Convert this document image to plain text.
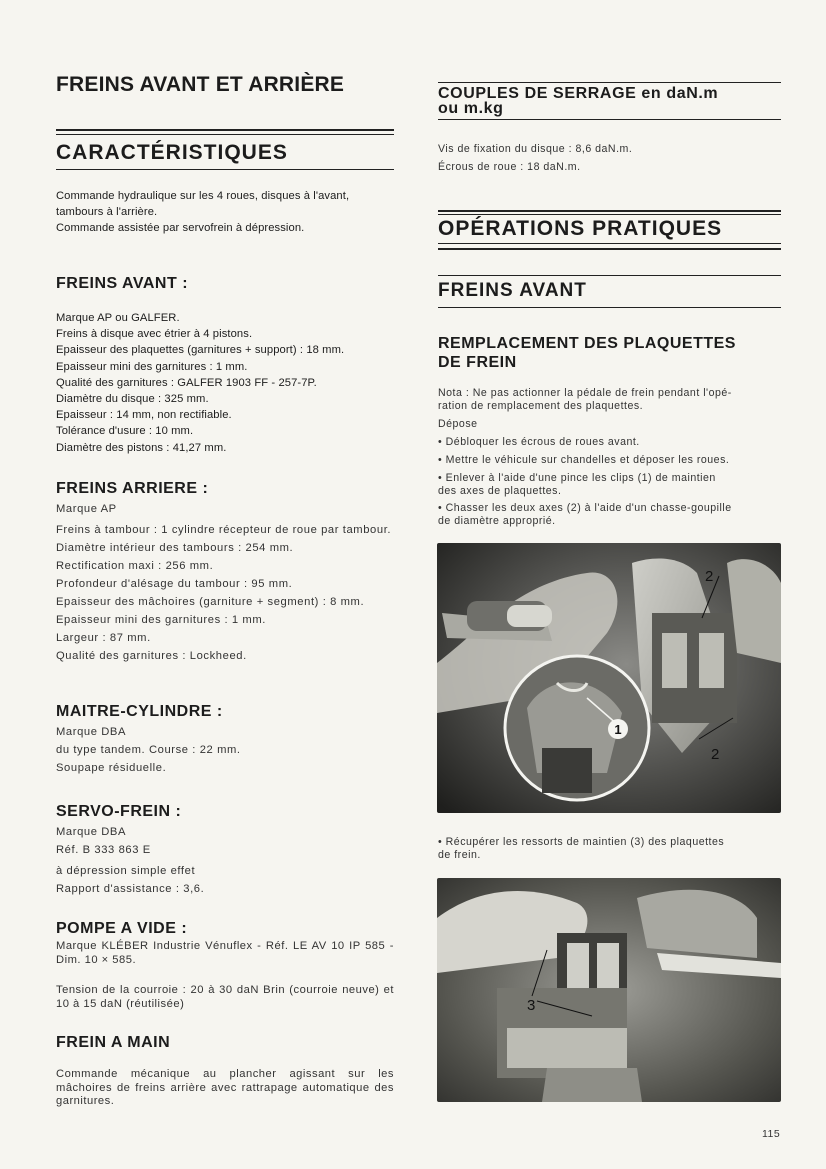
FREINS AVANT ET ARRIÈRE
CARACTÉRISTIQUES
Commande hydraulique sur les 4 roues, disques à l'avant,
tambours à l'arrière.
Commande assistée par servofrein à dépression.
FREINS AVANT :
Marque AP ou GALFER.
Freins à disque avec étrier à 4 pistons.
Epaisseur des plaquettes (garnitures + support) : 18 mm.
Epaisseur mini des garnitures : 1 mm.
Qualité des garnitures : GALFER 1903 FF - 257-7P.
Diamètre du disque : 325 mm.
Epaisseur : 14 mm, non rectifiable.
Tolérance d'usure : 10 mm.
Diamètre des pistons : 41,27 mm.
FREINS ARRIERE :
Marque AP
Freins à tambour : 1 cylindre récepteur de roue par tambour.
Diamètre intérieur des tambours : 254 mm.
Rectification maxi : 256 mm.
Profondeur d'alésage du tambour : 95 mm.
Epaisseur des mâchoires (garniture + segment) : 8 mm.
Epaisseur mini des garnitures : 1 mm.
Largeur : 87 mm.
Qualité des garnitures : Lockheed.
MAITRE-CYLINDRE :
Marque DBA
du type tandem. Course : 22 mm.
Soupape résiduelle.
SERVO-FREIN :
Marque DBA
Réf. B 333 863 E
à dépression simple effet
Rapport d'assistance : 3,6.
POMPE A VIDE :
Marque KLÉBER Industrie Vénuflex - Réf. LE AV 10 IP 585 - Dim. 10 × 585.
Tension de la courroie : 20 à 30 daN Brin (courroie neuve) et 10 à 15 daN (réutilisée)
FREIN A MAIN
Commande mécanique au plancher agissant sur les mâchoires de freins arrière avec rattrapage automatique des garnitures.
COUPLES DE SERRAGE en daN.m
ou m.kg
Vis de fixation du disque : 8,6 daN.m.
Écrous de roue : 18 daN.m.
OPÉRATIONS PRATIQUES
FREINS AVANT
REMPLACEMENT DES PLAQUETTES
DE FREIN
Nota : Ne pas actionner la pédale de frein pendant l'opé-
ration de remplacement des plaquettes.
Dépose
• Débloquer les écrous de roues avant.
• Mettre le véhicule sur chandelles et déposer les roues.
• Enlever à l'aide d'une pince les clips (1) de maintien
des axes de plaquettes.
• Chasser les deux axes (2) à l'aide d'un chasse-goupille
de diamètre approprié.
1
2
2
• Récupérer les ressorts de maintien (3) des plaquettes
de frein.
3
115
